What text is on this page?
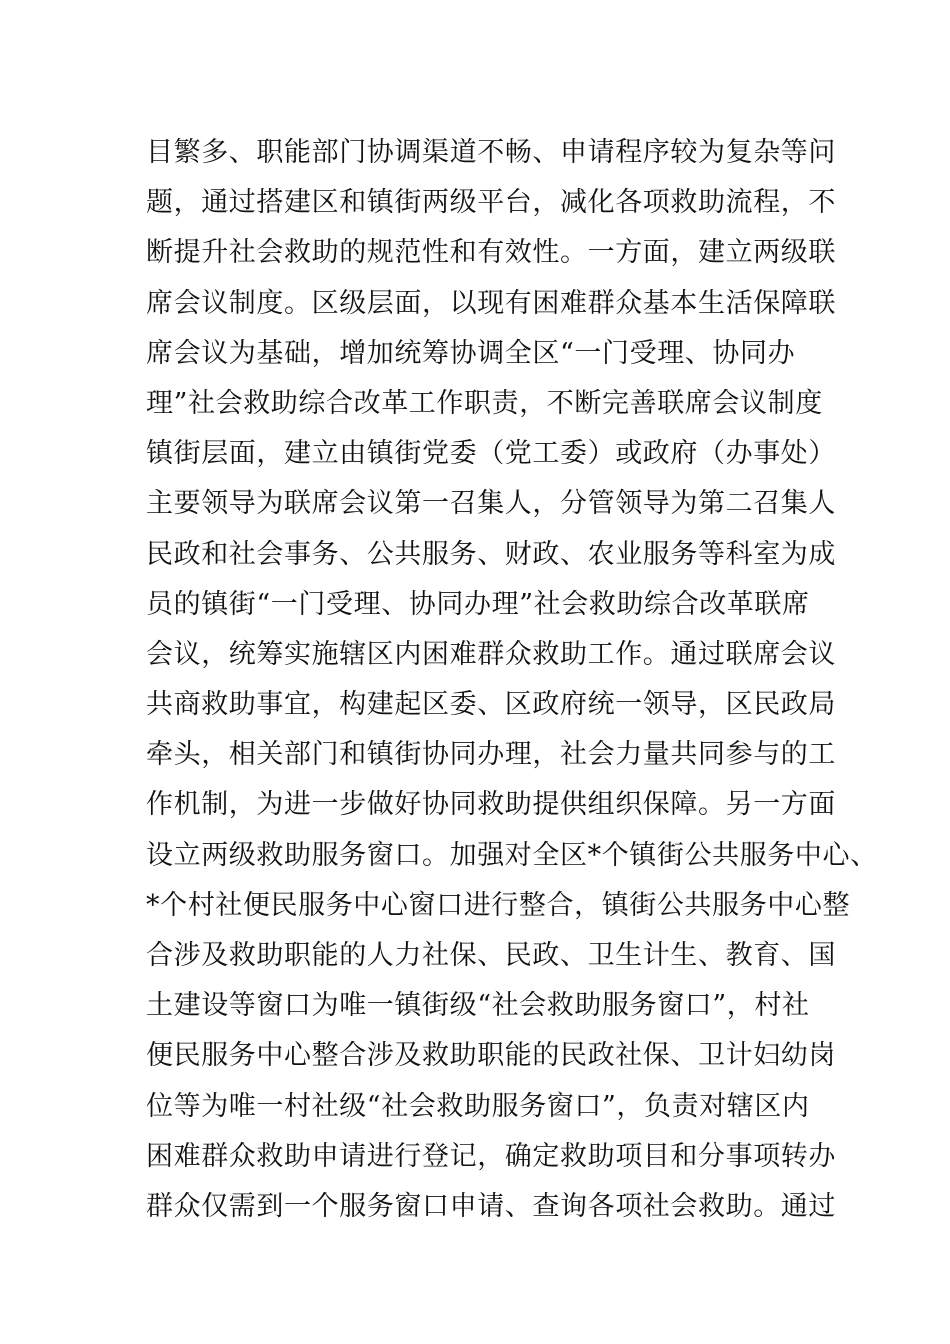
目繁多、职能部门协调渠道不畅、申请程序较为复杂等问
题，通过搭建区和镇街两级平台，减化各项救助流程，不
断提升社会救助的规范性和有效性。一方面，建立两级联
席会议制度。区级层面，以现有困难群众基本生活保障联
席会议为基础，增加统筹协调全区“一门受理、协同办
理”社会救助综合改革工作职责，不断完善联席会议制度
镇街层面，建立由镇街党委（党工委）或政府（办事处）
主要领导为联席会议第一召集人，分管领导为第二召集人
民政和社会事务、公共服务、财政、农业服务等科室为成
员的镇街“一门受理、协同办理”社会救助综合改革联席
会议，统筹实施辖区内困难群众救助工作。通过联席会议
共商救助事宜，构建起区委、区政府统一领导，区民政局
牵头，相关部门和镇街协同办理，社会力量共同参与的工
作机制，为进一步做好协同救助提供组织保障。另一方面
设立两级救助服务窗口。加强对全区*个镇街公共服务中心、
*个村社便民服务中心窗口进行整合，镇街公共服务中心整
合涉及救助职能的人力社保、民政、卫生计生、教育、国
土建设等窗口为唯一镇街级“社会救助服务窗口”，村社
便民服务中心整合涉及救助职能的民政社保、卫计妇幼岗
位等为唯一村社级“社会救助服务窗口”，负责对辖区内
困难群众救助申请进行登记，确定救助项目和分事项转办
群众仅需到一个服务窗口申请、查询各项社会救助。通过
